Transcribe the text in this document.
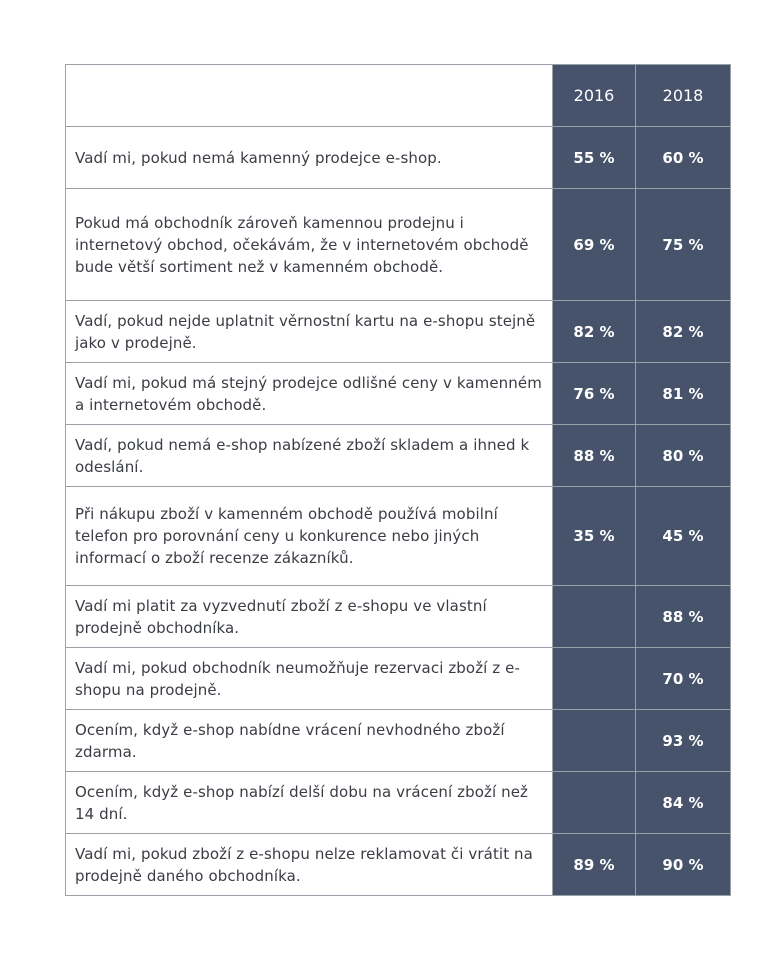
	2016	2018
Vadí mi, pokud nemá kamenný prodejce e-shop.	55 %	60 %
Pokud má obchodník zároveň kamennou prodejnu i internetový obchod, očekávám, že v internetovém obchodě bude větší sortiment než v kamenném obchodě.	69 %	75 %
Vadí, pokud nejde uplatnit věrnostní kartu na e-shopu stejně jako v prodejně.	82 %	82 %
Vadí mi, pokud má stejný prodejce odlišné ceny v kamenném a internetovém obchodě.	76 %	81 %
Vadí, pokud nemá e-shop nabízené zboží skladem a ihned k odeslání.	88 %	80 %
Při nákupu zboží v kamenném obchodě používá mobilní telefon pro porovnání ceny u konkurence nebo jiných informací o zboží recenze zákazníků.	35 %	45 %
Vadí mi platit za vyzvednutí zboží z e-shopu ve vlastní prodejně obchodníka.		88 %
Vadí mi, pokud obchodník neumožňuje rezervaci zboží z e-shopu na prodejně.		70 %
Ocením, když e-shop nabídne vrácení nevhodného zboží zdarma.		93 %
Ocením, když e-shop nabízí delší dobu na vrácení zboží než 14 dní.		84 %
Vadí mi, pokud zboží z e-shopu nelze reklamovat či vrátit na prodejně daného obchodníka.	89 %	90 %
